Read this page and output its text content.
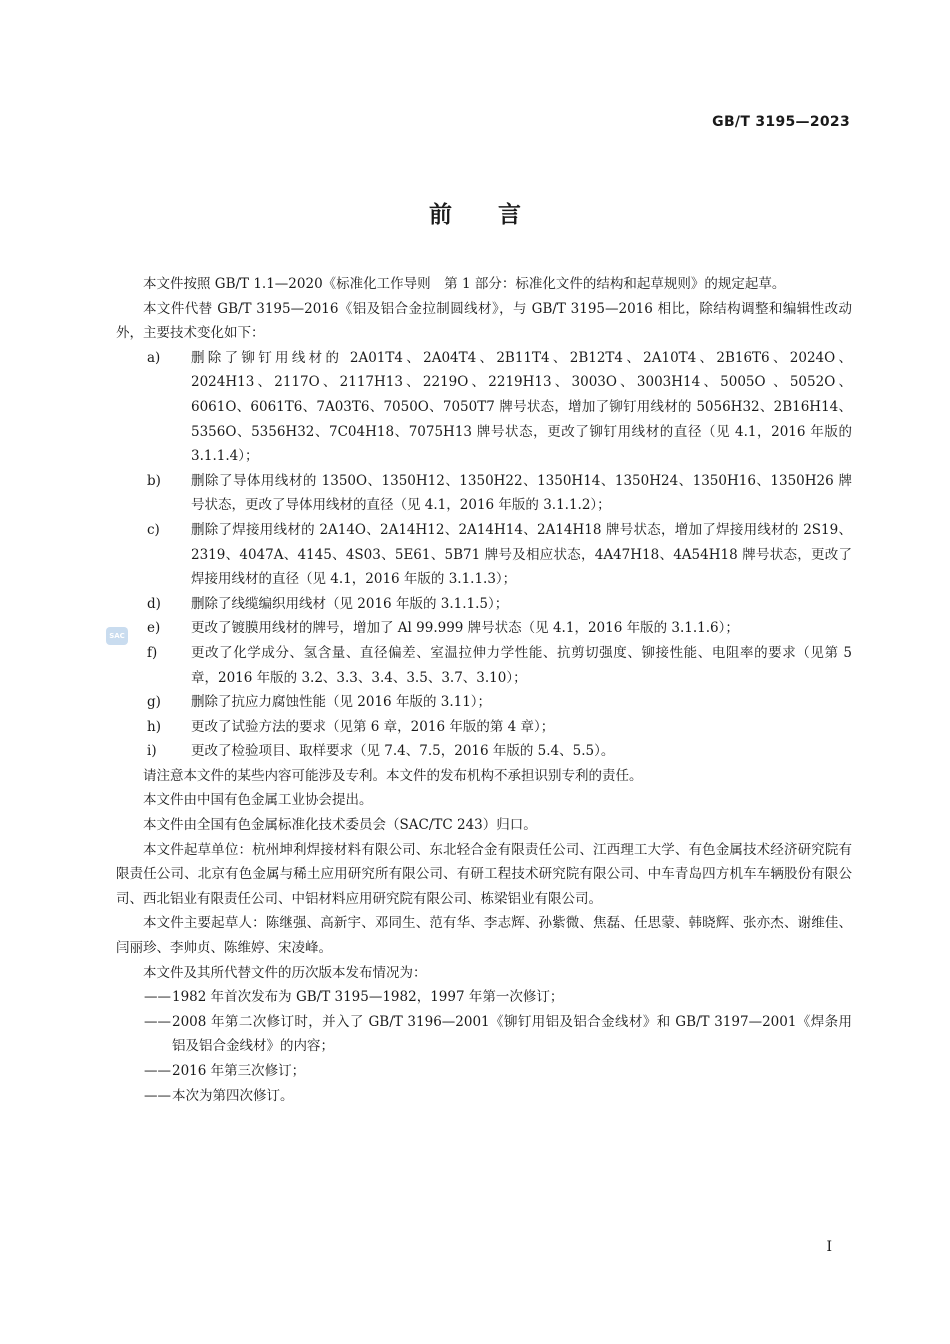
GB/T 3195—2023
前　　言
SAC

本文件按照 GB/T 1.1—2020《标准化工作导则　第 1 部分：标准化文件的结构和起草规则》的规定起草。

本文件代替 GB/T 3195—2016《铝及铝合金拉制圆线材》，与 GB/T 3195—2016 相比，除结构调整和编辑性改动外，主要技术变化如下：

a) 删除了铆钉用线材的 2A01T4、2A04T4、2B11T4、2B12T4、2A10T4、2B16T6、2024O、2024H13、2117O、2117H13、2219O、2219H13、3003O、3003H14、5005O 、5052O、6061O、6061T6、7A03T6、7050O、7050T7 牌号状态，增加了铆钉用线材的 5056H32、2B16H14、5356O、5356H32、7C04H18、7075H13 牌号状态，更改了铆钉用线材的直径（见 4.1，2016 年版的 3.1.1.4）；

b) 删除了导体用线材的 1350O、1350H12、1350H22、1350H14、1350H24、1350H16、1350H26 牌号状态，更改了导体用线材的直径（见 4.1，2016 年版的 3.1.1.2）；

c) 删除了焊接用线材的 2A14O、2A14H12、2A14H14、2A14H18 牌号状态，增加了焊接用线材的 2S19、2319、4047A、4145、4S03、5E61、5B71 牌号及相应状态，4A47H18、4A54H18 牌号状态，更改了焊接用线材的直径（见 4.1，2016 年版的 3.1.1.3）；

d) 删除了线缆编织用线材（见 2016 年版的 3.1.1.5）；

e) 更改了镀膜用线材的牌号，增加了 Al 99.999 牌号状态（见 4.1，2016 年版的 3.1.1.6）；

f) 更改了化学成分、氢含量、直径偏差、室温拉伸力学性能、抗剪切强度、铆接性能、电阻率的要求（见第 5 章，2016 年版的 3.2、3.3、3.4、3.5、3.7、3.10）；

g) 删除了抗应力腐蚀性能（见 2016 年版的 3.11）；

h) 更改了试验方法的要求（见第 6 章，2016 年版的第 4 章）；

i)	更改了检验项目、取样要求（见 7.4、7.5，2016 年版的 5.4、5.5）。

请注意本文件的某些内容可能涉及专利。本文件的发布机构不承担识别专利的责任。

本文件由中国有色金属工业协会提出。

本文件由全国有色金属标准化技术委员会（SAC/TC 243）归口。

本文件起草单位：杭州坤利焊接材料有限公司、东北轻合金有限责任公司、江西理工大学、有色金属技术经济研究院有限责任公司、北京有色金属与稀土应用研究所有限公司、有研工程技术研究院有限公司、中车青岛四方机车车辆股份有限公司、西北铝业有限责任公司、中铝材料应用研究院有限公司、栋梁铝业有限公司。

本文件主要起草人：陈继强、高新宇、邓同生、范有华、李志辉、孙紫微、焦磊、任思蒙、韩晓辉、张亦杰、谢维佳、闫丽珍、李帅贞、陈维婷、宋凌峰。

本文件及其所代替文件的历次版本发布情况为：

——1982 年首次发布为 GB/T 3195—1982，1997 年第一次修订；

——2008 年第二次修订时，并入了 GB/T 3196—2001《铆钉用铝及铝合金线材》和 GB/T 3197—2001《焊条用铝及铝合金线材》的内容；

——2016 年第三次修订；

——本次为第四次修订。

I
